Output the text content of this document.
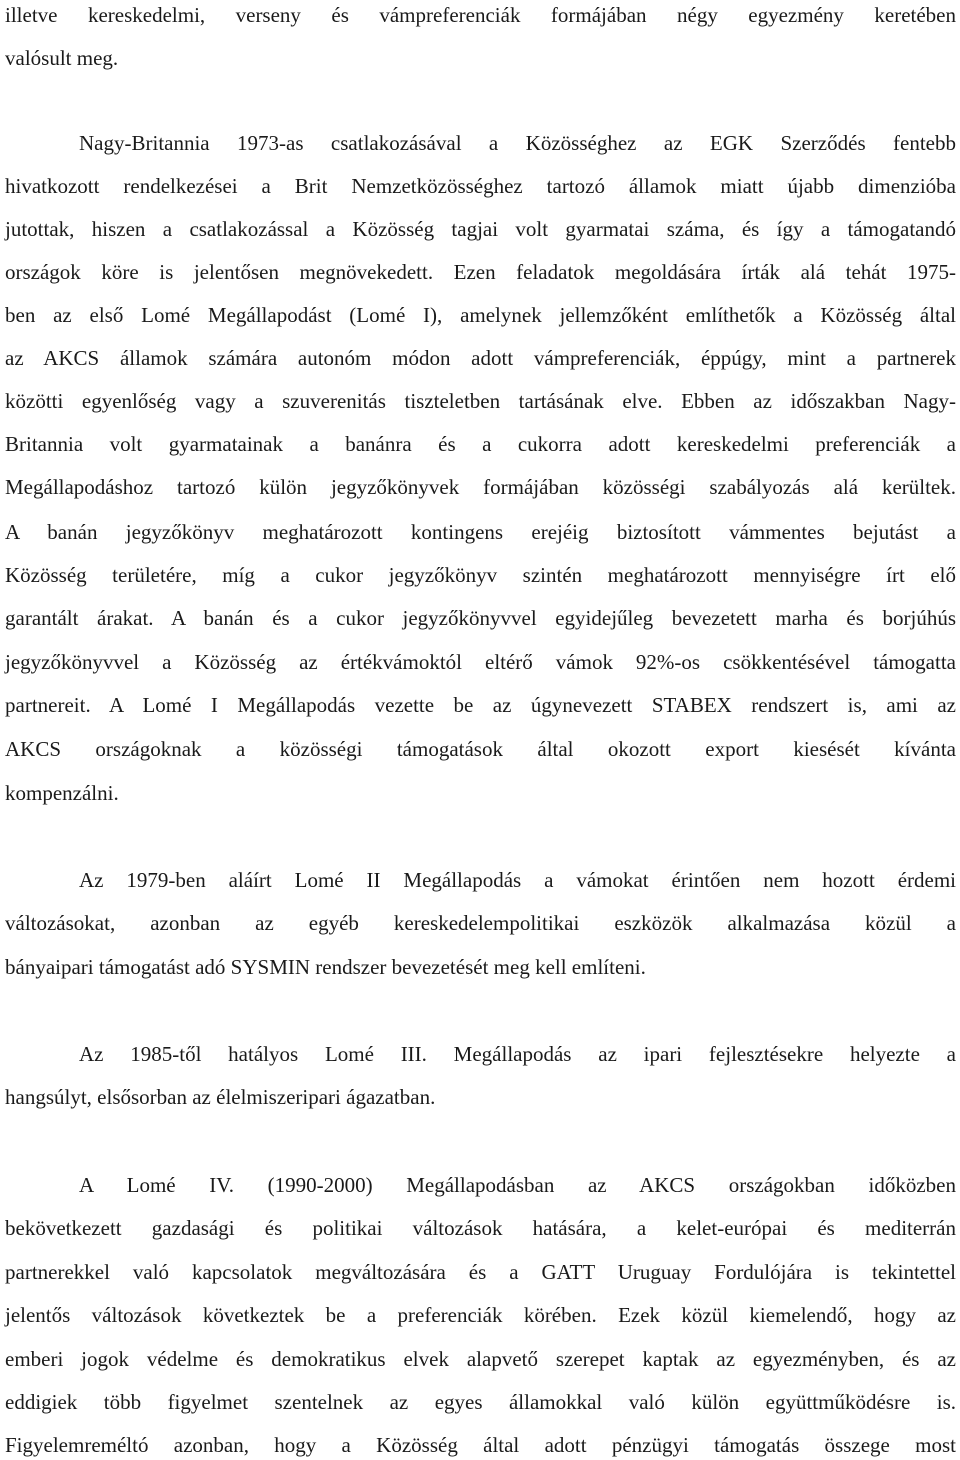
illetve kereskedelmi, verseny és vámpreferenciák formájában négy egyezmény keretében
valósult meg.
Nagy-Britannia 1973-as csatlakozásával a Közösséghez az EGK Szerződés fentebb
hivatkozott rendelkezései a Brit Nemzetközösséghez tartozó államok miatt újabb dimenzióba
jutottak, hiszen a csatlakozással a Közösség tagjai volt gyarmatai száma, és így a támogatandó
országok köre is jelentősen megnövekedett. Ezen feladatok megoldására írták alá tehát 1975-
ben az első Lomé Megállapodást (Lomé I), amelynek jellemzőként említhetők a Közösség által
az AKCS államok számára autonóm módon adott vámpreferenciák, éppúgy, mint a partnerek
közötti egyenlőség vagy a szuverenitás tiszteletben tartásának elve. Ebben az időszakban Nagy-
Britannia volt gyarmatainak a banánra és a cukorra adott kereskedelmi preferenciák a
Megállapodáshoz tartozó külön jegyzőkönyvek formájában közösségi szabályozás alá kerültek.
A banán jegyzőkönyv meghatározott kontingens erejéig biztosított vámmentes bejutást a
Közösség területére, míg a cukor jegyzőkönyv szintén meghatározott mennyiségre írt elő
garantált árakat. A banán és a cukor jegyzőkönyvvel egyidejűleg bevezetett marha és borjúhús
jegyzőkönyvvel a Közösség az értékvámoktól eltérő vámok 92%-os csökkentésével támogatta
partnereit. A Lomé I Megállapodás vezette be az úgynevezett STABEX rendszert is, ami az
AKCS országoknak a közösségi támogatások által okozott export kiesését kívánta
kompenzálni.
Az 1979-ben aláírt Lomé II Megállapodás a vámokat érintően nem hozott érdemi
változásokat, azonban az egyéb kereskedelempolitikai eszközök alkalmazása közül a
bányaipari támogatást adó SYSMIN rendszer bevezetését meg kell említeni.
Az 1985-től hatályos Lomé III. Megállapodás az ipari fejlesztésekre helyezte a
hangsúlyt, elsősorban az élelmiszeripari ágazatban.
A Lomé IV. (1990-2000) Megállapodásban az AKCS országokban időközben
bekövetkezett gazdasági és politikai változások hatására, a kelet-európai és mediterrán
partnerekkel való kapcsolatok megváltozására és a GATT Uruguay Fordulójára is tekintettel
jelentős változások következtek be a preferenciák körében. Ezek közül kiemelendő, hogy az
emberi jogok védelme és demokratikus elvek alapvető szerepet kaptak az egyezményben, és az
eddigiek több figyelmet szentelnek az egyes államokkal való külön együttműködésre is.
Figyelemreméltó azonban, hogy a Közösség által adott pénzügyi támogatás összege most
